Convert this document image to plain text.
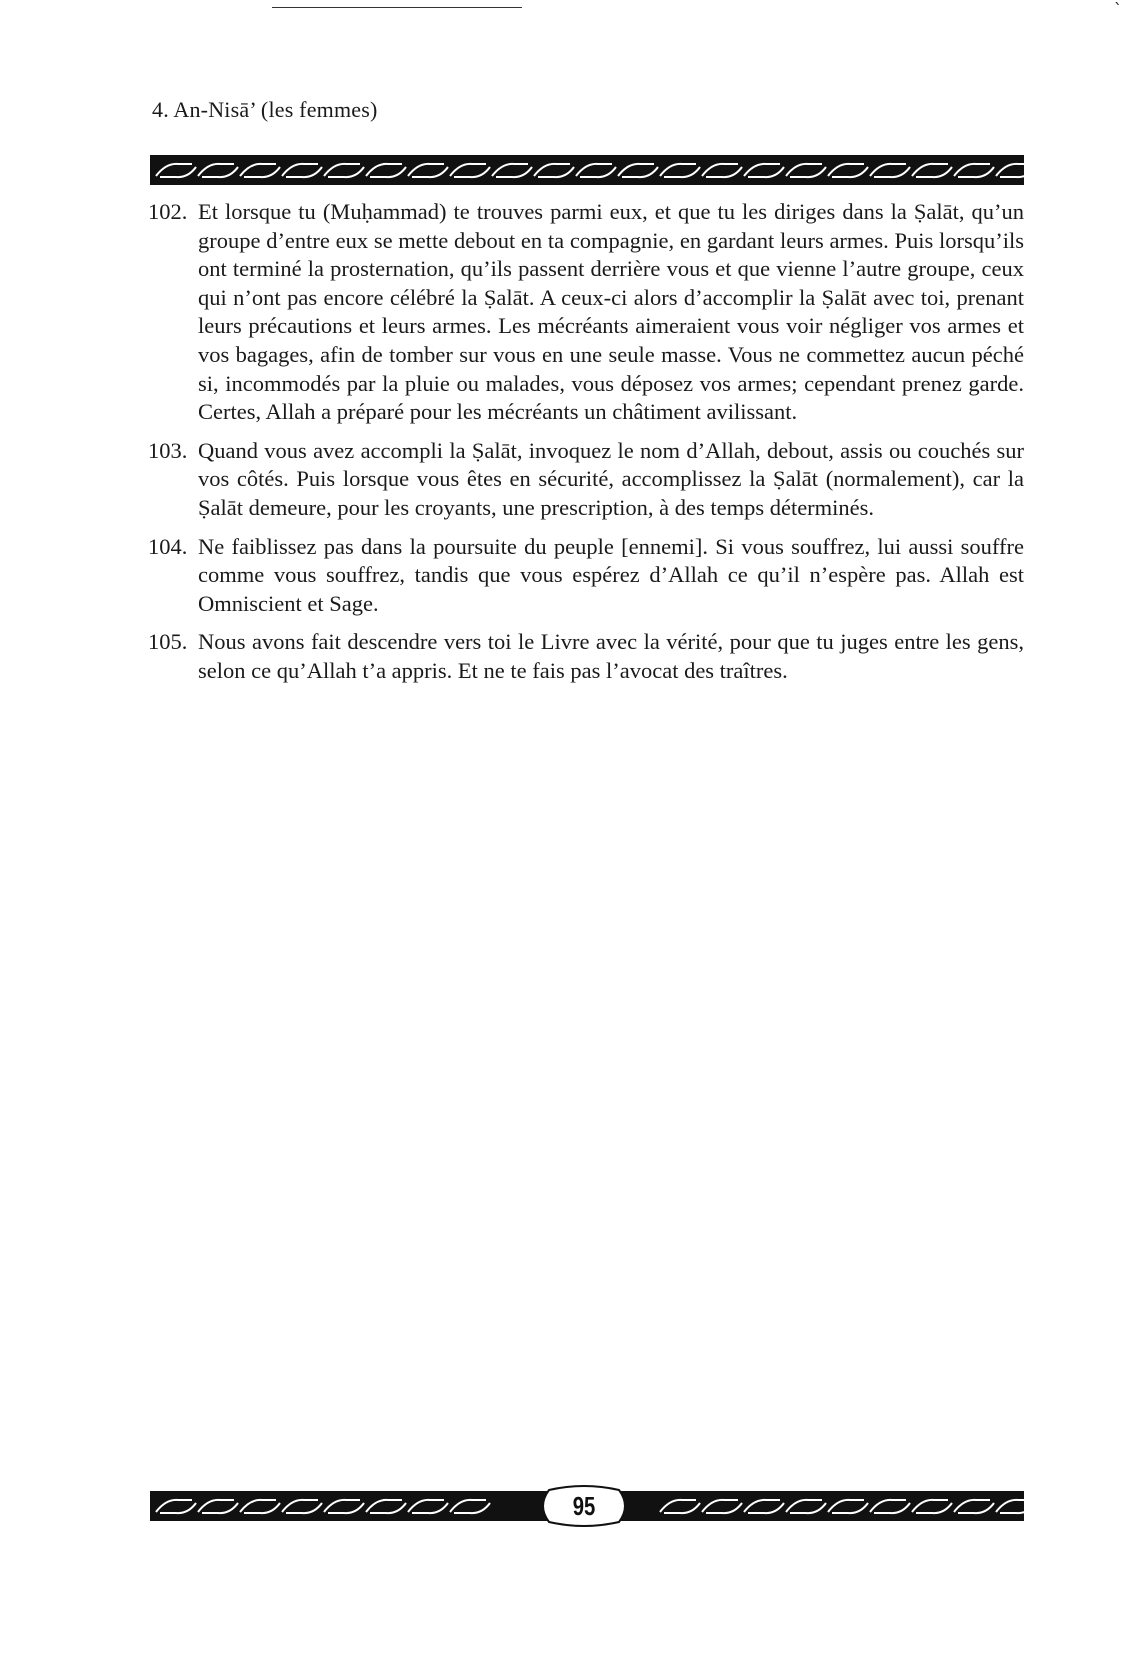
`
4. An-Nisā’ (les femmes)
102. Et lorsque tu (Muḥammad) te trouves parmi eux, et que tu les diriges dans la Ṣalāt, qu’un groupe d’entre eux se mette debout en ta compagnie, en gardant leurs armes. Puis lorsqu’ils ont terminé la prosternation, qu’ils passent derrière vous et que vienne l’autre groupe, ceux qui n’ont pas encore célébré la Ṣalāt. A ceux-ci alors d’accomplir la Ṣalāt avec toi, prenant leurs précautions et leurs armes. Les mécréants aimeraient vous voir négliger vos armes et vos bagages, afin de tomber sur vous en une seule masse. Vous ne commettez aucun péché si, incommodés par la pluie ou malades, vous déposez vos armes; cependant prenez garde. Certes, Allah a préparé pour les mécréants un châtiment avilissant.
103. Quand vous avez accompli la Ṣalāt, invoquez le nom d’Allah, debout, assis ou couchés sur vos côtés. Puis lorsque vous êtes en sécurité, accomplissez la Ṣalāt (normalement), car la Ṣalāt demeure, pour les croyants, une prescription, à des temps déterminés.
104. Ne faiblissez pas dans la poursuite du peuple [ennemi]. Si vous souffrez, lui aussi souffre comme vous souffrez, tandis que vous espérez d’Allah ce qu’il n’espère pas. Allah est Omniscient et Sage.
105. Nous avons fait descendre vers toi le Livre avec la vérité, pour que tu juges entre les gens, selon ce qu’Allah t’a appris. Et ne te fais pas l’avocat des traîtres.
95
